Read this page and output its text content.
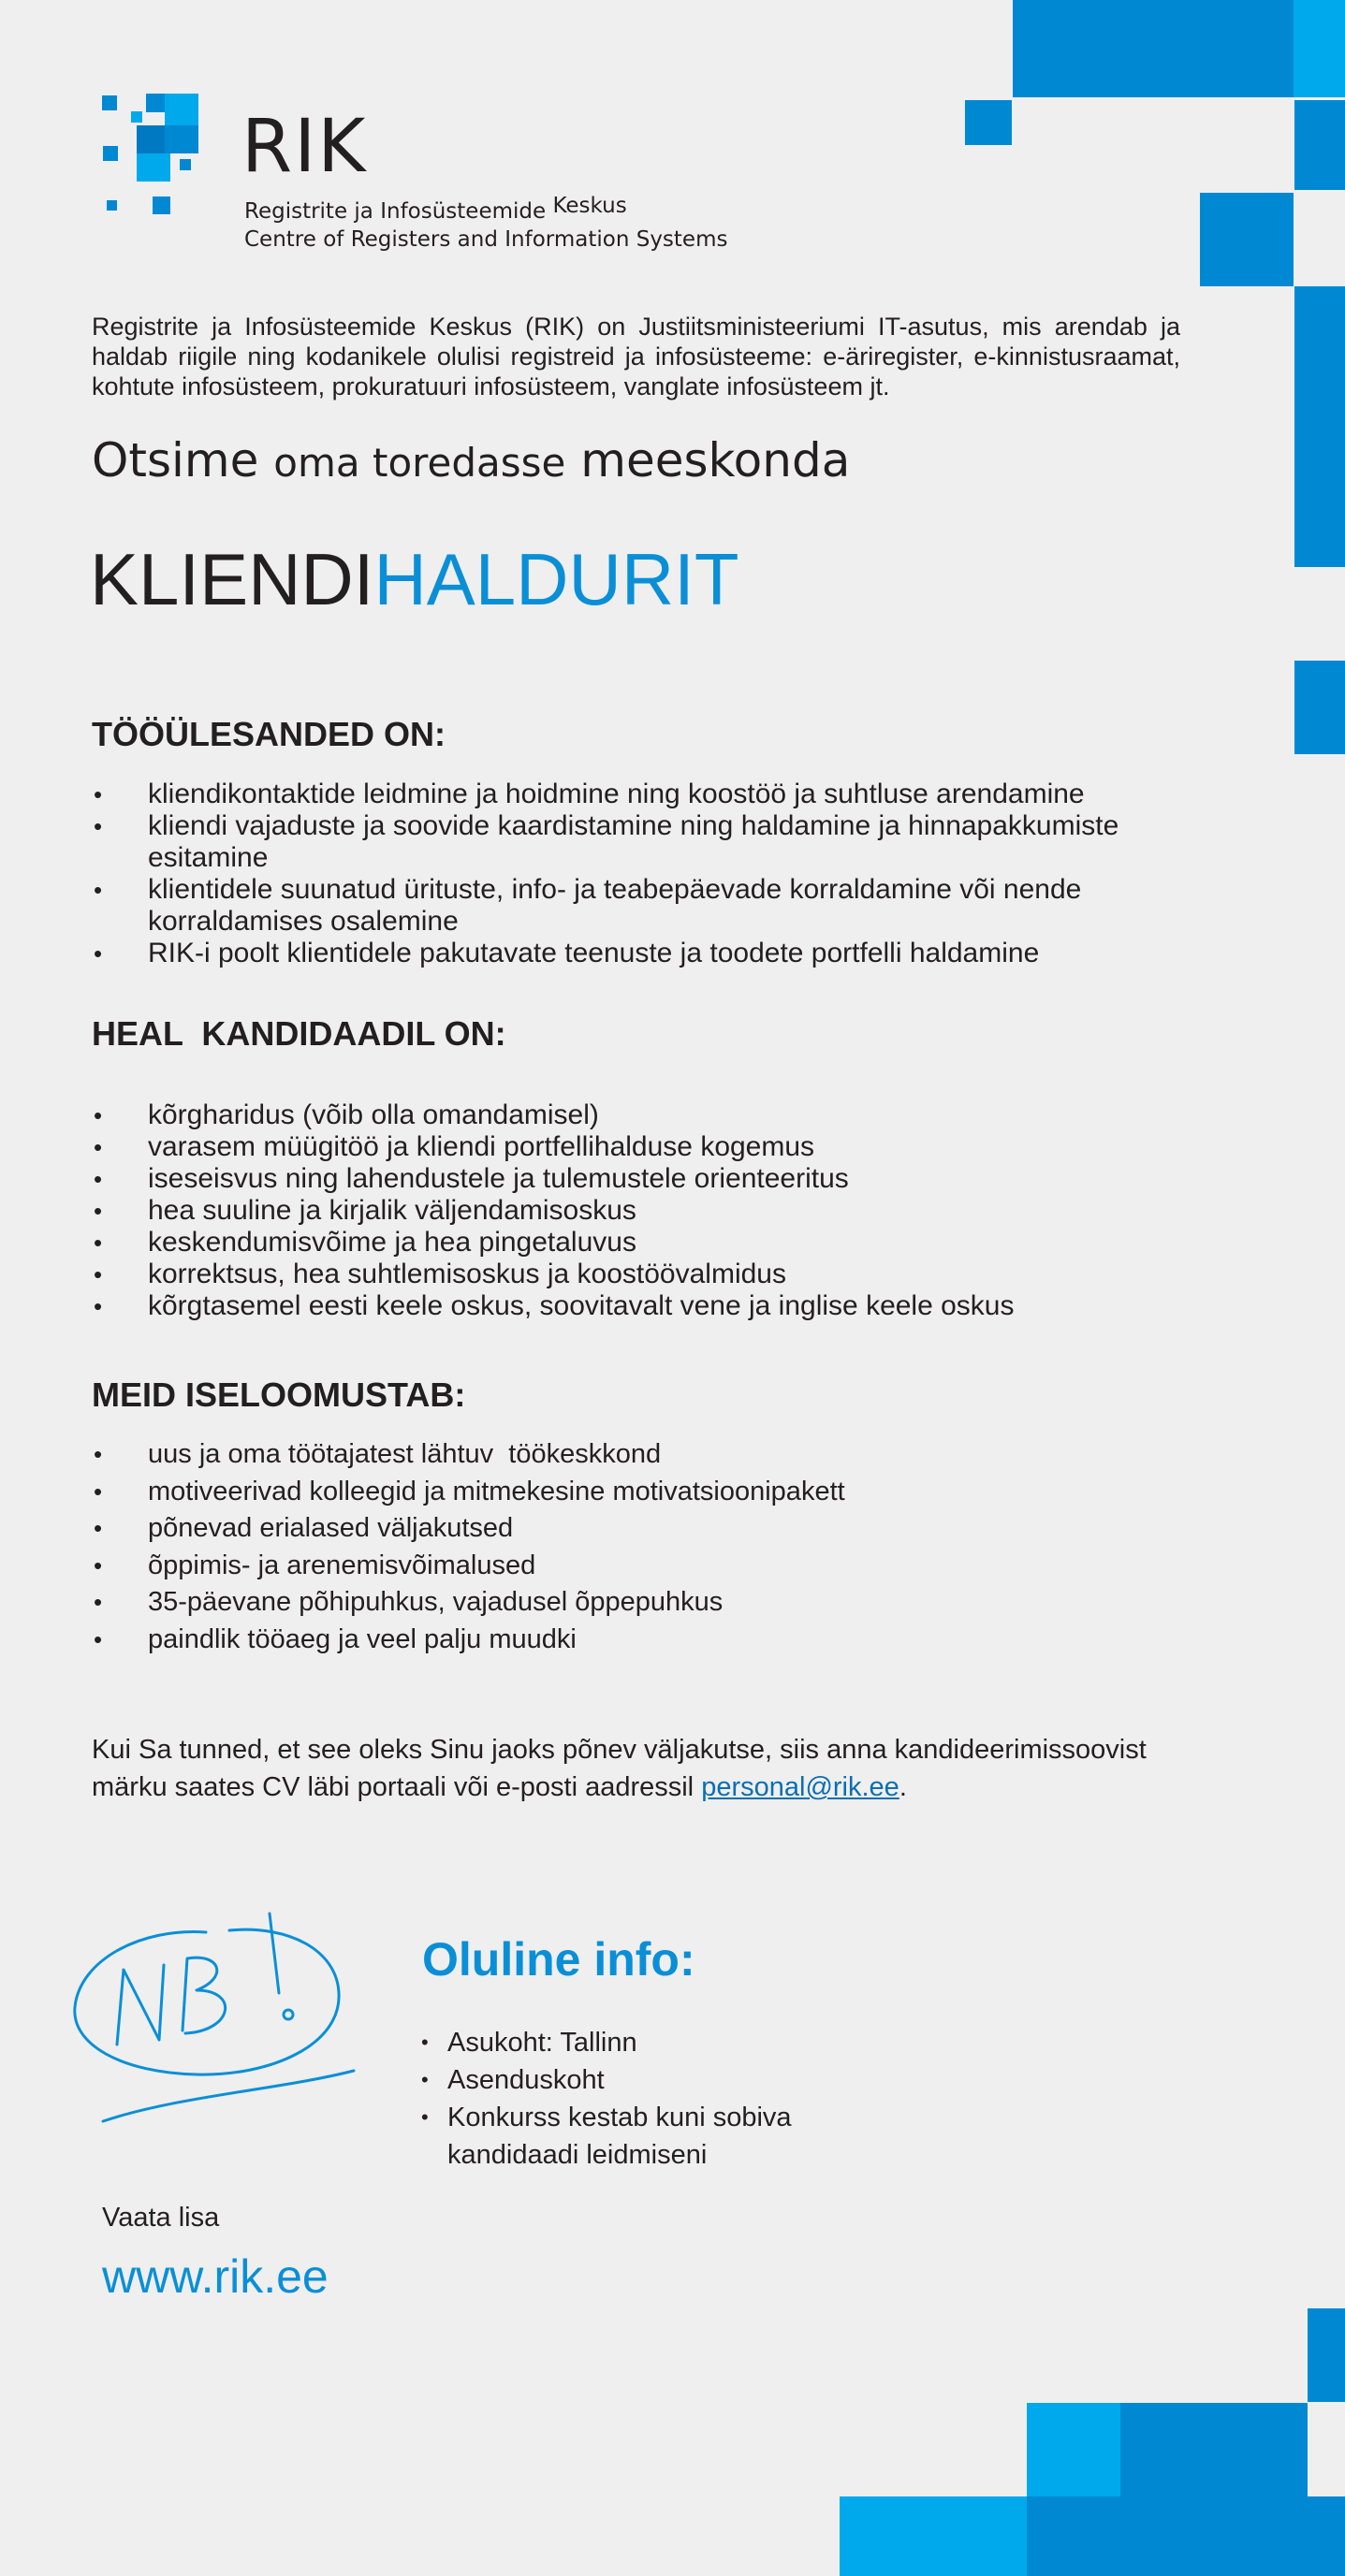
RIK
Registrite ja Infosüsteemide Keskus
Centre of Registers and Information Systems
Registrite ja Infosüsteemide Keskus (RIK) on Justiitsministeeriumi IT-asutus, mis arendab ja haldab riigile ning kodanikele olulisi registreid ja infosüsteeme: e-äriregister, e-kinnistusraamat, kohtute infosüsteem, prokuratuuri infosüsteem, vanglate infosüsteem jt.
Otsime oma toredasse meeskonda
KLIENDIHALDURIT
TÖÖÜLESANDED ON:
• kliendikontaktide leidmine ja hoidmine ning koostöö ja suhtluse arendamine
• kliendi vajaduste ja soovide kaardistamine ning haldamine ja hinnapakkumiste esitamine
• klientidele suunatud ürituste, info- ja teabepäevade korraldamine või nende korraldamises osalemine
• RIK-i poolt klientidele pakutavate teenuste ja toodete portfelli haldamine
HEAL  KANDIDAADIL ON:
• kõrgharidus (võib olla omandamisel)
• varasem müügitöö ja kliendi portfellihalduse kogemus
• iseseisvus ning lahendustele ja tulemustele orienteeritus
• hea suuline ja kirjalik väljendamisoskus
• keskendumisvõime ja hea pingetaluvus
• korrektsus, hea suhtlemisoskus ja koostöövalmidus
• kõrgtasemel eesti keele oskus, soovitavalt vene ja inglise keele oskus
MEID ISELOOMUSTAB:
• uus ja oma töötajatest lähtuv  töökeskkond
• motiveerivad kolleegid ja mitmekesine motivatsioonipakett
• põnevad erialased väljakutsed
• õppimis- ja arenemisvõimalused
• 35-päevane põhipuhkus, vajadusel õppepuhkus
• paindlik tööaeg ja veel palju muudki
Kui Sa tunned, et see oleks Sinu jaoks põnev väljakutse, siis anna kandideerimissoovist märku saates CV läbi portaali või e-posti aadressil personal@rik.ee.
Oluline info:
• Asukoht: Tallinn
• Asenduskoht
• Konkurss kestab kuni sobiva kandidaadi leidmiseni
Vaata lisa
www.rik.ee
